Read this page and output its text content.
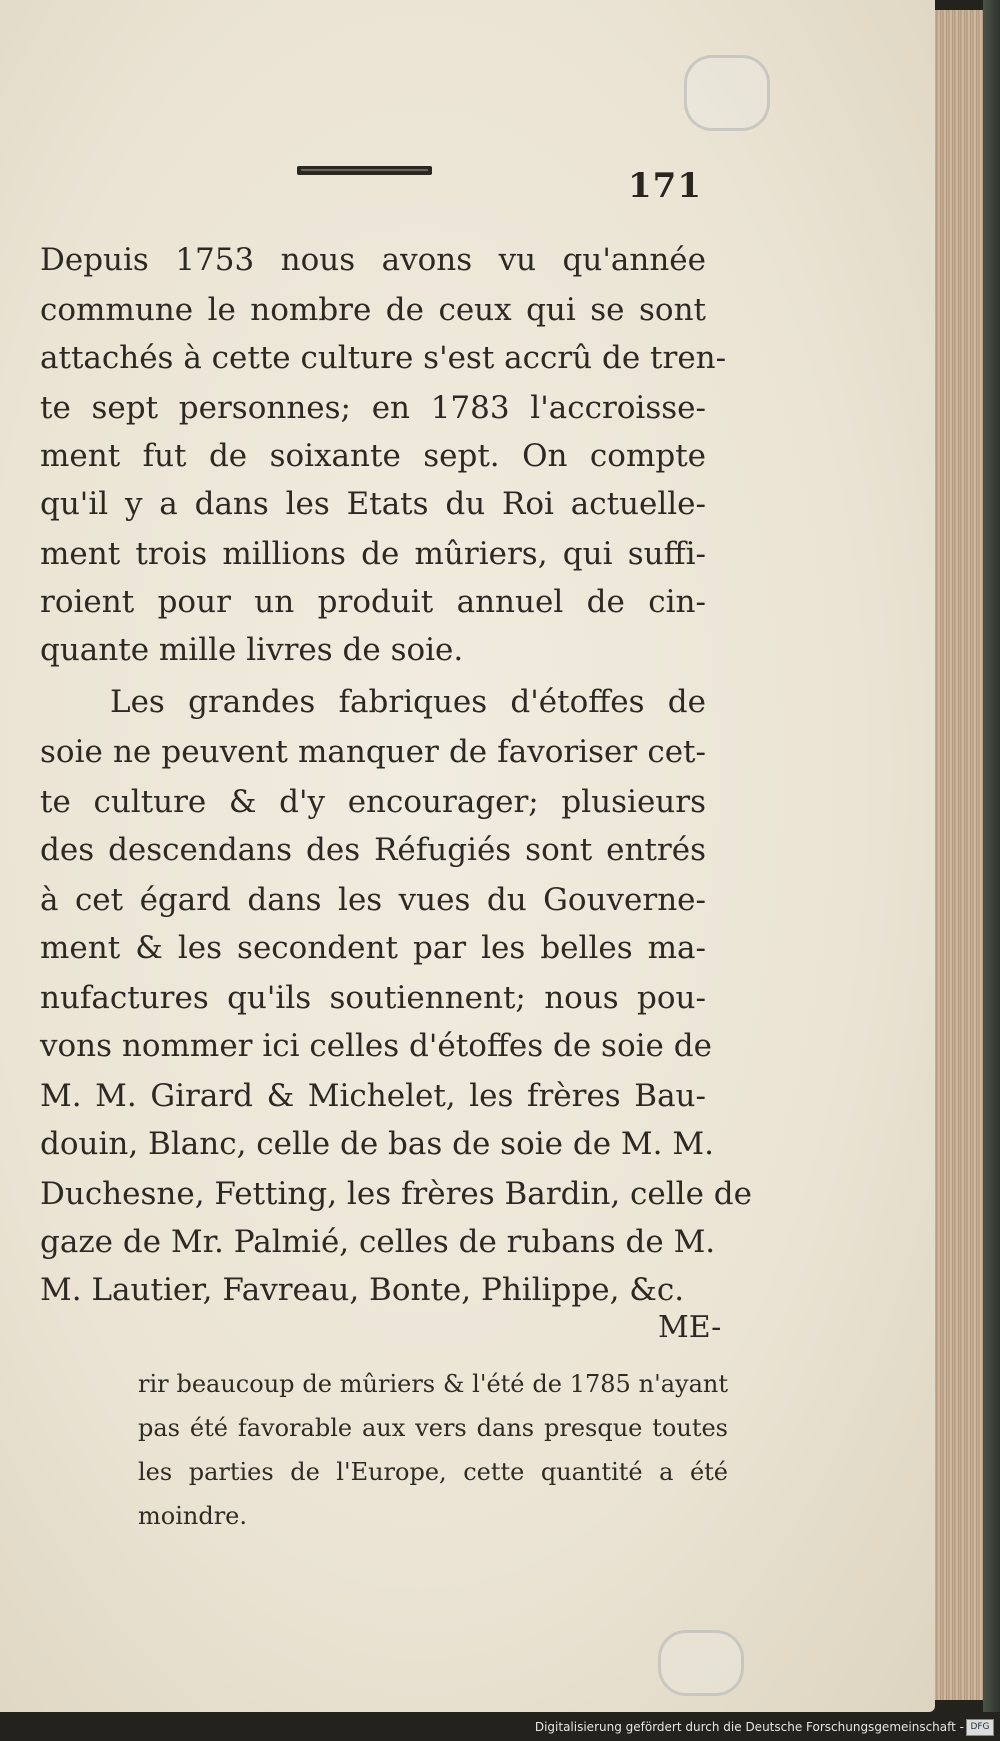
171
Depuis 1753 nous avons vu qu'année
commune le nombre de ceux qui se sont
attachés à cette culture s'est accrû de tren-
te sept personnes; en 1783 l'accroisse-
ment fut de soixante sept. On compte
qu'il y a dans les Etats du Roi actuelle-
ment trois millions de mûriers, qui suffi-
roient pour un produit annuel de cin-
quante mille livres de soie.
Les grandes fabriques d'étoffes de
soie ne peuvent manquer de favoriser cet-
te culture & d'y encourager; plusieurs
des descendans des Réfugiés sont entrés
à cet égard dans les vues du Gouverne-
ment & les secondent par les belles ma-
nufactures qu'ils soutiennent; nous pou-
vons nommer ici celles d'étoffes de soie de
M. M. Girard & Michelet, les frères Bau-
douin, Blanc, celle de bas de soie de M. M.
Duchesne, Fetting, les frères Bardin, celle de
gaze de Mr. Palmié, celles de rubans de M.
M. Lautier, Favreau, Bonte, Philippe, &c.
ME-
rir beaucoup de mûriers & l'été de 1785 n'ayant
pas été favorable aux vers dans presque toutes
les parties de l'Europe, cette quantité a été
moindre.
Digitalisierung gefördert durch die Deutsche Forschungsgemeinschaft - DFG
